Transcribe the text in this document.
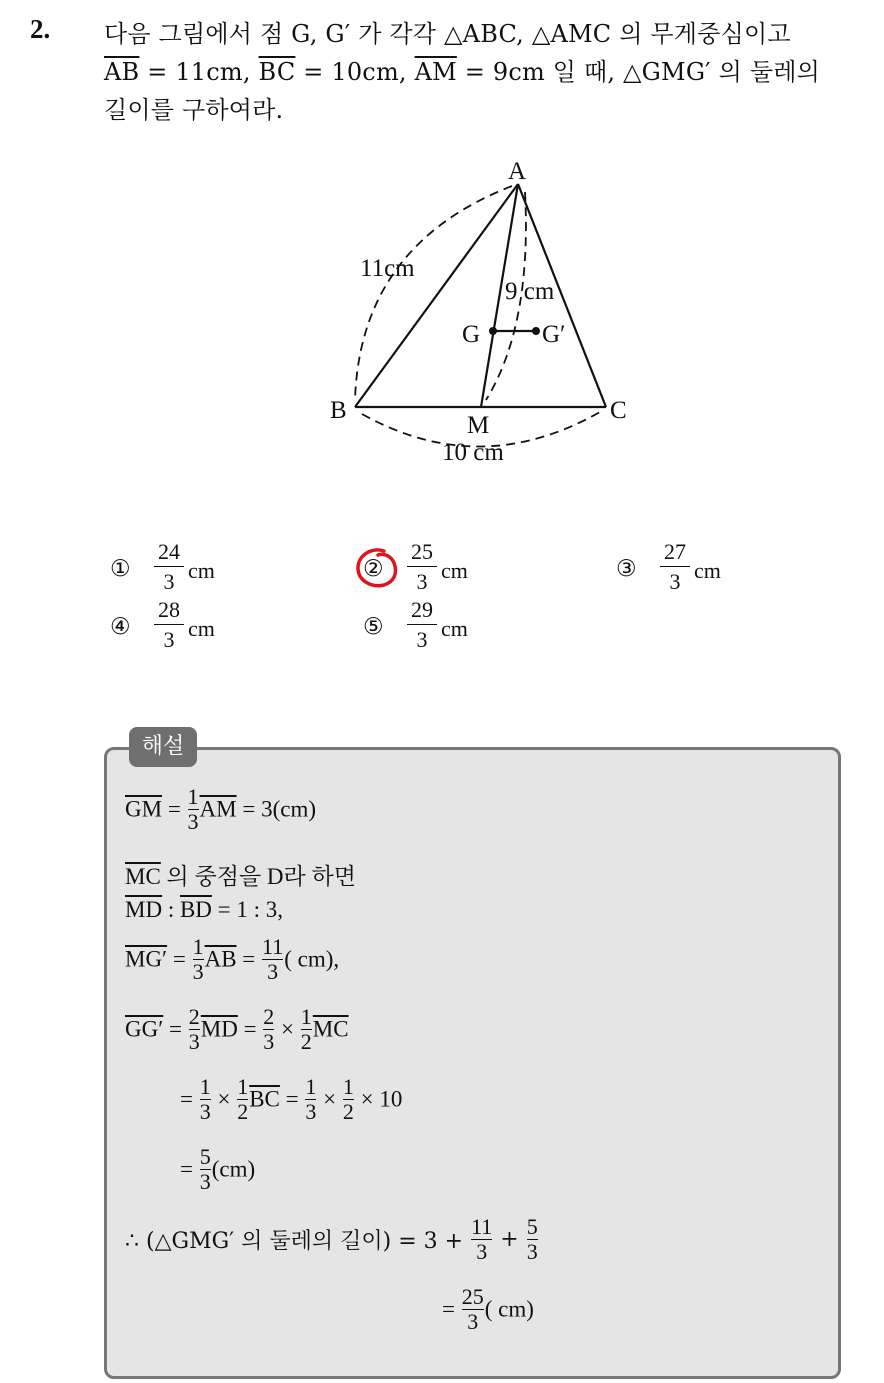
2. 다음 그림에서 점 G, G′ 가 각각 △ABC, △AMC 의 무게중심이고
$\overline{AB} = 11cm$, $\overline{BC} = 10cm$, $\overline{AM} = 9cm$ 일 때, △GMG′ 의 둘레의
길이를 구하여라.
A
B	C
M
G G′
11cm
9 cm
10 cm
①
24
3 cm	②
25
3 cm	③
27
3 cm
④
28
3 cm	⑤
29
3 cm
해설
$\overline{GM} = \frac{1}{3} \overline{AM} = 3(cm)$
$\overline{MC}$ 의 중점을 D라 하면
$\overline{MD}$ : $\overline{BD} = 1$ : 3,
$MG' = \frac{1}{3} \overline{AB} = \frac{11}{3}$ ( cm),
$GG' = \frac{2}{3} \overline{MD} = \frac{2}{3} \times \frac{1}{2} \overline{MC}$
= $\frac{1}{3} \times \frac{1}{2} \overline{BC} = \frac{1}{3} \times \frac{1}{2} \times 10$
= $\frac{5}{3} (cm)$
∴ (△GMG′ 의 둘레의 길이) = $3 + \frac{11}{3} + \frac{5}{3}$
= $\frac{25}{3}$ ( cm)
